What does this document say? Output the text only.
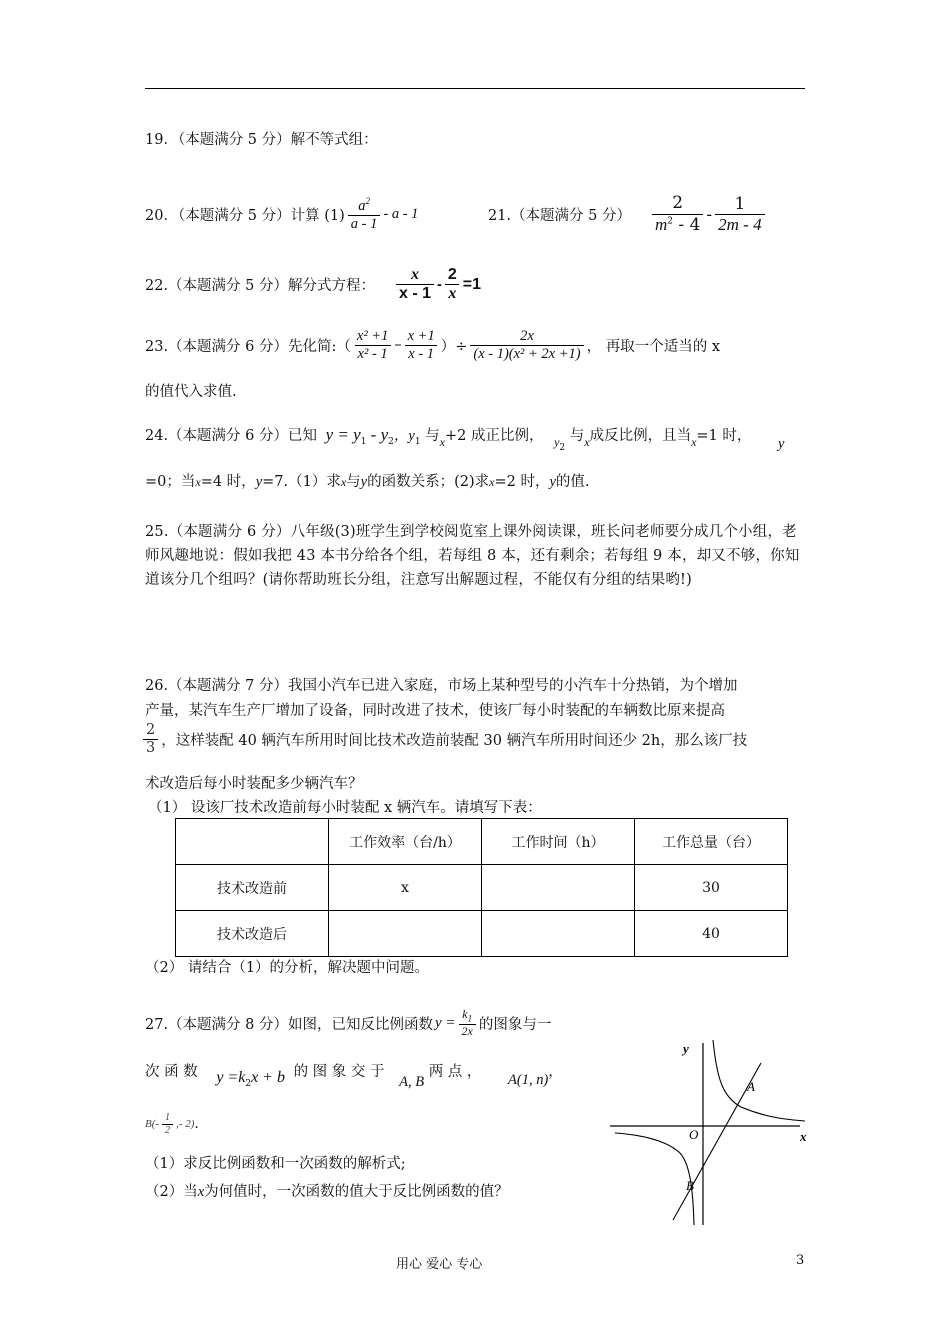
19．（本题满分 5 分）解不等式组：
20．（本题满分 5 分）计算 $(1) \frac{a^2}{a - 1}$ - a - 1	21.（本题满分 5 分） $\frac{2}{m^2 - 4} - \frac{1}{2m - 4}$
22.（本题满分 5 分）解分式方程： $\frac{x}{x - 1} - \frac{2}{x} =1$
23.（本题满分 6 分）先化简:（ $\frac{\text{x² +1}}{\text{x² - 1}} - \frac{x +1}{x - 1}$ ）÷ $\frac{2x}{\text{(x - 1)(x² + 2x +1)}}$ ， 再取一个适当的 x
的值代入求值.
24.（本题满分 6 分）已知 $y = y_1 - y_2$，$y_1$ 与$_x$+2 成正比例， $_{y2}$ 与$_x$成反比例，且当$_x$=1 时， y
=0；当x=4 时，y=7.（1）求x与y的函数关系；(2)求x=2 时，y的值.
25.（本题满分 6 分）八年级(3)班学生到学校阅览室上课外阅读课，班长问老师要分成几个小组，老师风趣地说：假如我把 43 本书分给各个组，若每组 8 本，还有剩余；若每组 9 本，却又不够，你知道该分几个组吗？(请你帮助班长分组，注意写出解题过程，不能仅有分组的结果哟!)
26.（本题满分 7 分）我国小汽车已进入家庭，市场上某种型号的小汽车十分热销，为个增加
产量，某汽车生产厂增加了设备，同时改进了技术，使该厂每小时装配的车辆数比原来提高
$\frac{2}{3}$ ，这样装配 40 辆汽车所用时间比技术改造前装配 30 辆汽车所用时间还少 2h，那么该厂技
术改造后每小时装配多少辆汽车？
（1） 设该厂技术改造前每小时装配 x 辆汽车。请填写下表：
	工作效率（台/h）	工作时间（h）	工作总量（台）
技术改造前	x		30
技术改造后			40
（2） 请结合（1）的分析，解决题中问题。
27.（本题满分 8 分）如图，已知反比例函数 $y = \frac{k_1}{2x}$ 的图象与一
次 函 数 $y =k_2x + b$ 的 图 象 交 于 A, B 两 点 ， A(1, n)，
$B(- \frac{1}{2}$ ,- 2) .
（1）求反比例函数和一次函数的解析式;
（2）当x为何值时，一次函数的值大于反比例函数的值？
y
x
O
A
B
用心 爱心 专心	3
